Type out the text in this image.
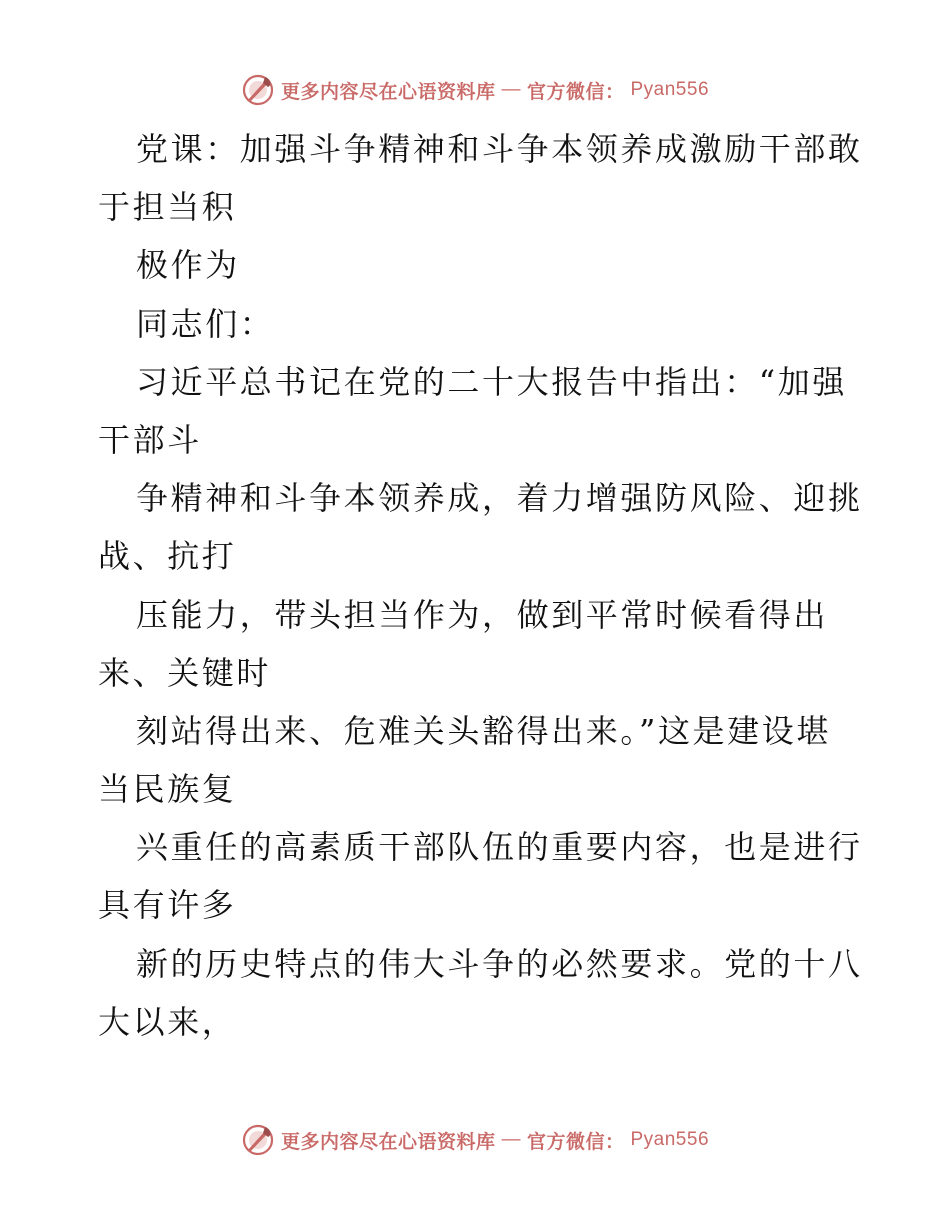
更多内容尽在心语资料库 — 官方微信： Pyan556
党课：加强斗争精神和斗争本领养成激励干部敢
于担当积
极作为
同志们：
习近平总书记在党的二十大报告中指出：“加强
干部斗
争精神和斗争本领养成，着力增强防风险、迎挑
战、抗打
压能力，带头担当作为，做到平常时候看得出
来、关键时
刻站得出来、危难关头豁得出来。”这是建设堪
当民族复
兴重任的高素质干部队伍的重要内容，也是进行
具有许多
新的历史特点的伟大斗争的必然要求。党的十八
大以来，
更多内容尽在心语资料库 — 官方微信： Pyan556
